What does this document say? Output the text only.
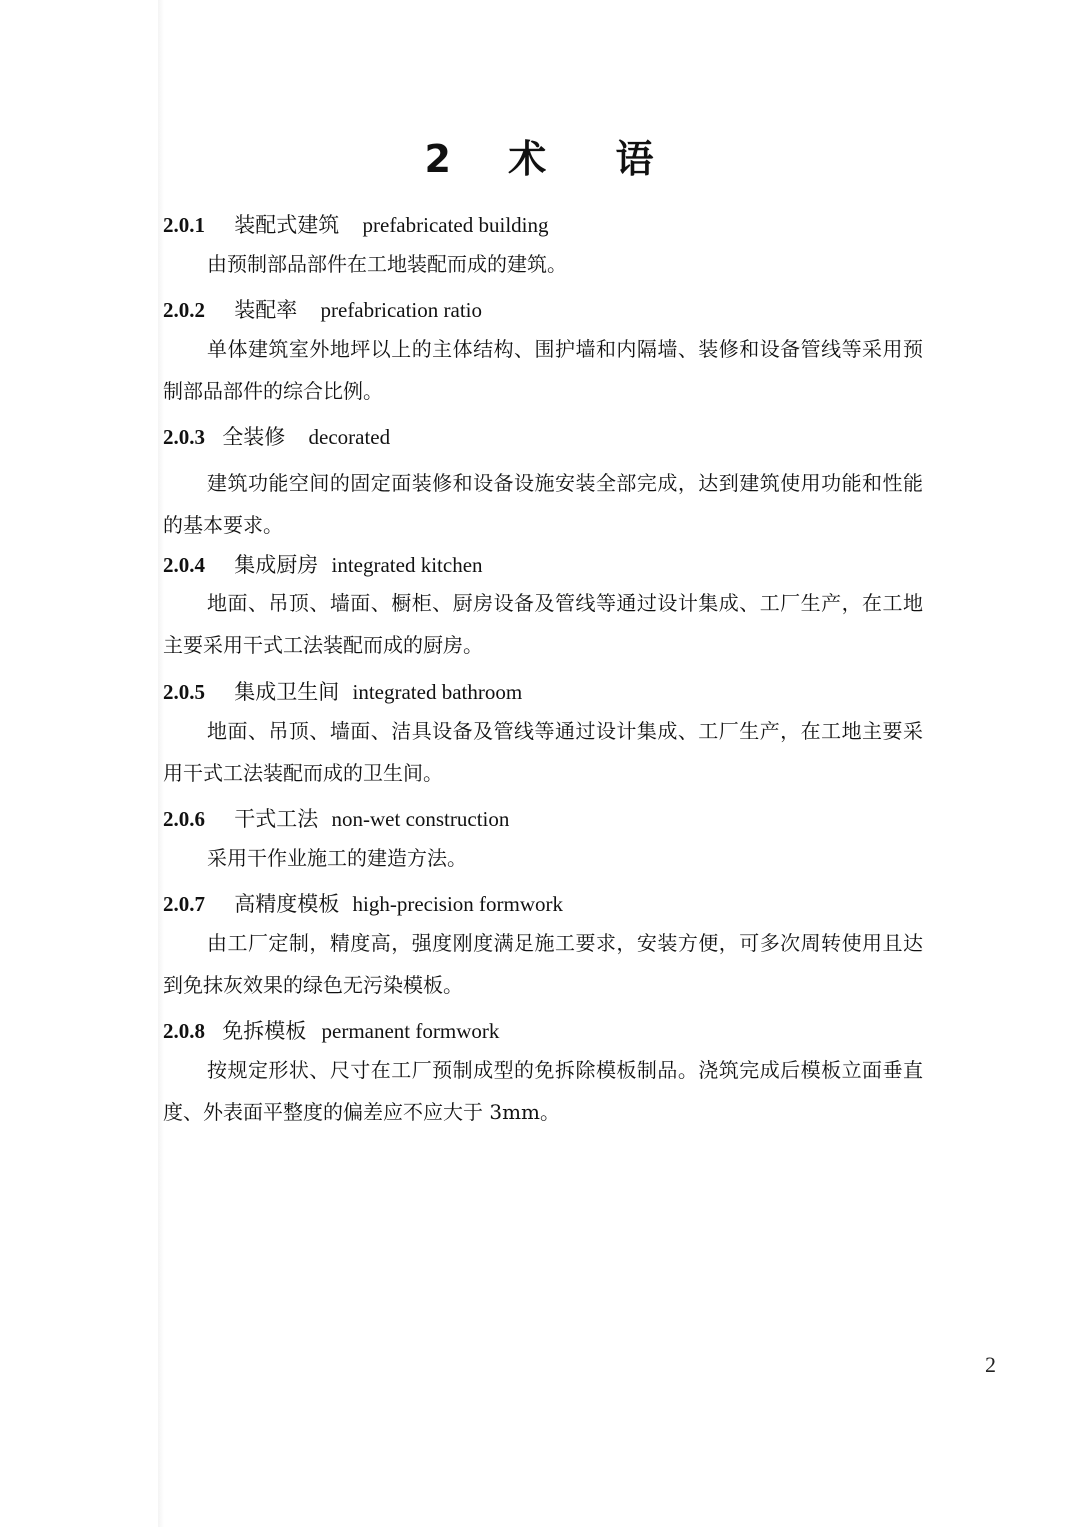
2 术 语
2.0.1 装配式建筑 prefabricated building
由预制部品部件在工地装配而成的建筑。
2.0.2 装配率 prefabrication ratio
单体建筑室外地坪以上的主体结构、围护墙和内隔墙、装修和设备管线等采用预制部品部件的综合比例。
2.0.3 全装修 decorated
建筑功能空间的固定面装修和设备设施安装全部完成，达到建筑使用功能和性能的基本要求。
2.0.4 集成厨房 integrated kitchen
地面、吊顶、墙面、橱柜、厨房设备及管线等通过设计集成、工厂生产，在工地主要采用干式工法装配而成的厨房。
2.0.5 集成卫生间 integrated bathroom
地面、吊顶、墙面、洁具设备及管线等通过设计集成、工厂生产，在工地主要采用干式工法装配而成的卫生间。
2.0.6 干式工法 non-wet construction
采用干作业施工的建造方法。
2.0.7 高精度模板 high-precision formwork
由工厂定制，精度高，强度刚度满足施工要求，安装方便，可多次周转使用且达到免抹灰效果的绿色无污染模板。
2.0.8 免拆模板 permanent formwork
按规定形状、尺寸在工厂预制成型的免拆除模板制品。浇筑完成后模板立面垂直度、外表面平整度的偏差应不应大于 3mm。
2
